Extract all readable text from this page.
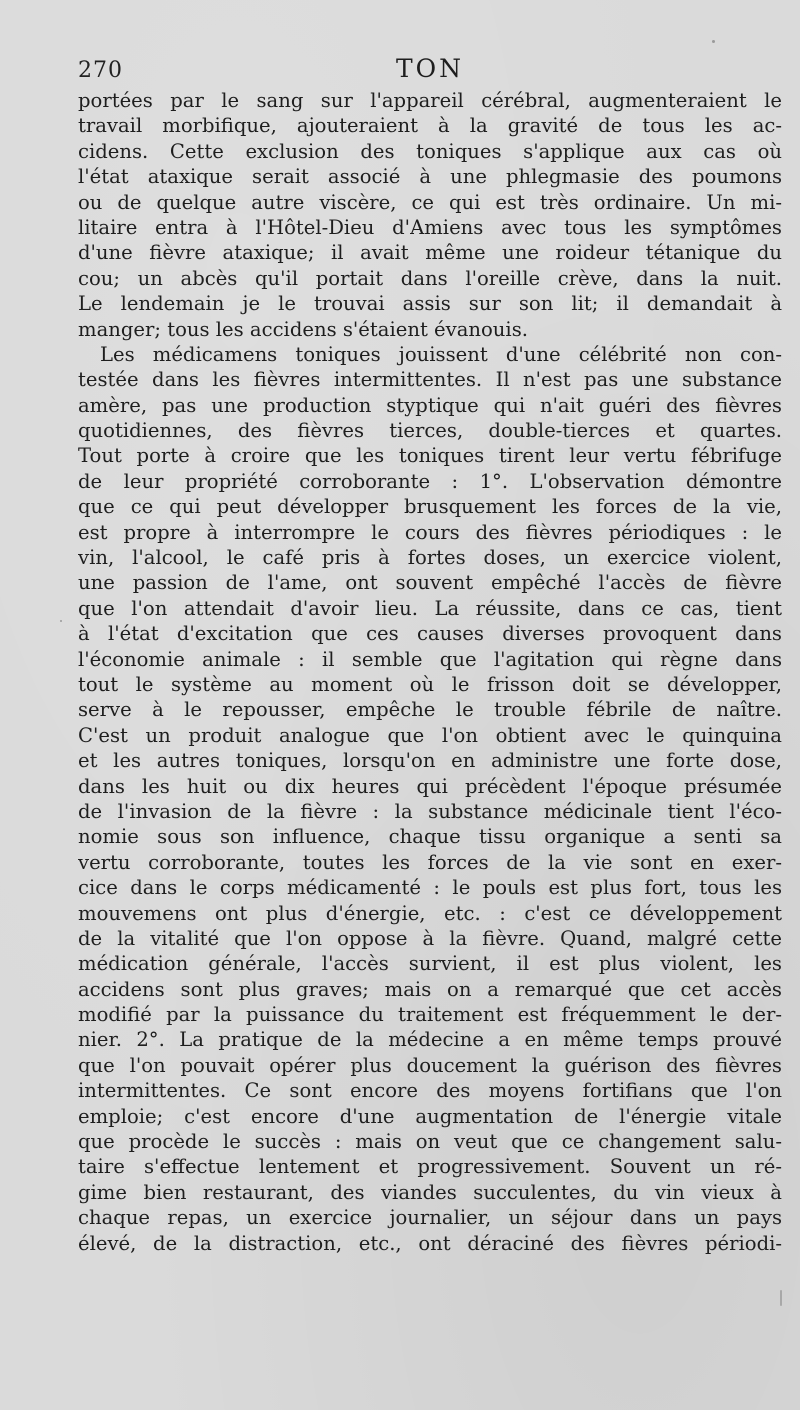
270	TON
portées par le sang sur l'appareil cérébral, augmenteraient le
travail morbifique, ajouteraient à la gravité de tous les ac-
cidens. Cette exclusion des toniques s'applique aux cas où
l'état ataxique serait associé à une phlegmasie des poumons
ou de quelque autre viscère, ce qui est très ordinaire. Un mi-
litaire entra à l'Hôtel-Dieu d'Amiens avec tous les symptômes
d'une fièvre ataxique; il avait même une roideur tétanique du
cou; un abcès qu'il portait dans l'oreille crève, dans la nuit.
Le lendemain je le trouvai assis sur son lit; il demandait à
manger; tous les accidens s'étaient évanouis.
Les médicamens toniques jouissent d'une célébrité non con-
testée dans les fièvres intermittentes. Il n'est pas une substance
amère, pas une production styptique qui n'ait guéri des fièvres
quotidiennes, des fièvres tierces, double-tierces et quartes.
Tout porte à croire que les toniques tirent leur vertu fébrifuge
de leur propriété corroborante : 1°. L'observation démontre
que ce qui peut développer brusquement les forces de la vie,
est propre à interrompre le cours des fièvres périodiques : le
vin, l'alcool, le café pris à fortes doses, un exercice violent,
une passion de l'ame, ont souvent empêché l'accès de fièvre
que l'on attendait d'avoir lieu. La réussite, dans ce cas, tient
à l'état d'excitation que ces causes diverses provoquent dans
l'économie animale : il semble que l'agitation qui règne dans
tout le système au moment où le frisson doit se développer,
serve à le repousser, empêche le trouble fébrile de naître.
C'est un produit analogue que l'on obtient avec le quinquina
et les autres toniques, lorsqu'on en administre une forte dose,
dans les huit ou dix heures qui précèdent l'époque présumée
de l'invasion de la fièvre : la substance médicinale tient l'éco-
nomie sous son influence, chaque tissu organique a senti sa
vertu corroborante, toutes les forces de la vie sont en exer-
cice dans le corps médicamenté : le pouls est plus fort, tous les
mouvemens ont plus d'énergie, etc. : c'est ce développement
de la vitalité que l'on oppose à la fièvre. Quand, malgré cette
médication générale, l'accès survient, il est plus violent, les
accidens sont plus graves; mais on a remarqué que cet accès
modifié par la puissance du traitement est fréquemment le der-
nier. 2°. La pratique de la médecine a en même temps prouvé
que l'on pouvait opérer plus doucement la guérison des fièvres
intermittentes. Ce sont encore des moyens fortifians que l'on
emploie; c'est encore d'une augmentation de l'énergie vitale
que procède le succès : mais on veut que ce changement salu-
taire s'effectue lentement et progressivement. Souvent un ré-
gime bien restaurant, des viandes succulentes, du vin vieux à
chaque repas, un exercice journalier, un séjour dans un pays
élevé, de la distraction, etc., ont déraciné des fièvres périodi-
